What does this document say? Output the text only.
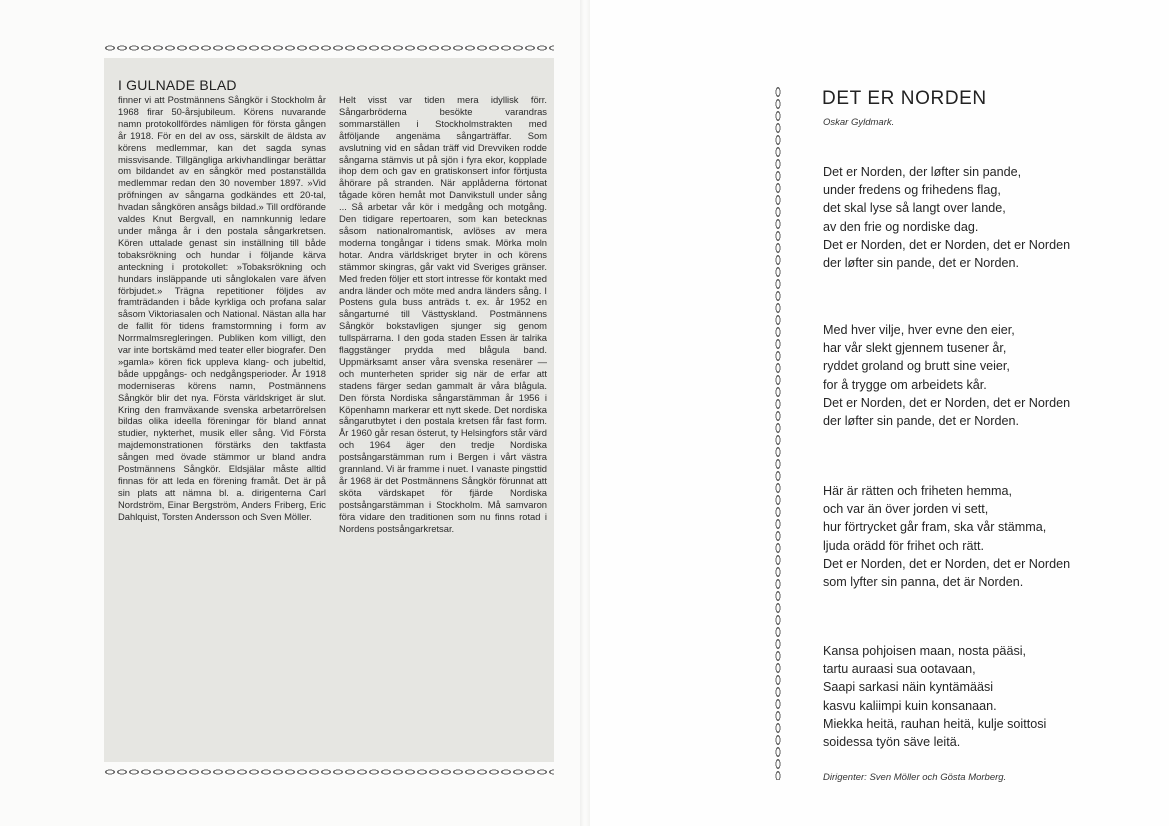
I GULNADE BLAD

finner vi att Postmännens Sångkör i Stockholm år 1968 firar 50-årsjubileum. Körens nuvarande namn protokollfördes nämligen för första gången år 1918. För en del av oss, särskilt de äldsta av körens medlemmar, kan det sagda synas missvisande. Tillgängliga arkivhandlingar berättar om bildandet av en sångkör med postanställda medlemmar redan den 30 november 1897. »Vid pröfningen av sångarna godkändes ett 20-tal, hvadan sångkören ansågs bildad.» Till ordförande valdes Knut Bergvall, en namnkunnig ledare under många år i den postala sångarkretsen. Kören uttalade genast sin inställning till både tobaksrökning och hundar i följande kärva anteckning i protokollet: »Tobaksrökning och hundars insläppande uti sånglokalen vare äfven förbjudet.» Trägna repetitioner följdes av framträdanden i både kyrkliga och profana salar såsom Viktoriasalen och National. Nästan alla har de fallit för tidens framstormning i form av Norrmalmsregleringen. Publiken kom villigt, den var inte bortskämd med teater eller biografer. Den »gamla» kören fick uppleva klang- och jubeltid, både uppgångs- och nedgångsperioder. År 1918 moderniseras körens namn, Postmännens Sångkör blir det nya. Första världskriget är slut. Kring den framväxande svenska arbetarrörelsen bildas olika ideella föreningar för bland annat studier, nykterhet, musik eller sång. Vid Första majdemonstrationen förstärks den taktfasta sången med övade stämmor ur bland andra Postmännens Sångkör. Eldsjälar måste alltid finnas för att leda en förening framåt. Det är på sin plats att nämna bl. a. dirigenterna Carl Nordström, Einar Bergström, Anders Friberg, Eric Dahlquist, Torsten Andersson och Sven Möller.

Helt visst var tiden mera idyllisk förr. Sångarbröderna besökte varandras sommarställen i Stockholmstrakten med åtföljande angenäma sångarträffar. Som avslutning vid en sådan träff vid Drevviken rodde sångarna stämvis ut på sjön i fyra ekor, kopplade ihop dem och gav en gratiskonsert infor förtjusta åhörare på stranden. När applåderna förtonat tågade kören hemåt mot Danvikstull under sång ... Så arbetar vår kör i medgång och motgång. Den tidigare repertoaren, som kan betecknas såsom nationalromantisk, avlöses av mera moderna tongångar i tidens smak. Mörka moln hotar. Andra världskriget bryter in och körens stämmor skingras, går vakt vid Sveriges gränser. Med freden följer ett stort intresse för kontakt med andra länder och möte med andra länders sång. I Postens gula buss anträds t. ex. år 1952 en sångarturné till Västtyskland. Postmännens Sångkör bokstavligen sjunger sig genom tullspärrarna. I den goda staden Essen är talrika flaggstänger prydda med blågula band. Uppmärksamt anser våra svenska resenärer — och munterheten sprider sig när de erfar att stadens färger sedan gammalt är våra blågula. Den första Nordiska sångarstämman år 1956 i Köpenhamn markerar ett nytt skede. Det nordiska sångarutbytet i den postala kretsen får fast form. År 1960 går resan österut, ty Helsingfors står värd och 1964 äger den tredje Nordiska postsångarstämman rum i Bergen i vårt västra grannland. Vi är framme i nuet. I vanaste pingsttid år 1968 är det Postmännens Sångkör förunnat att sköta värdskapet för fjärde Nordiska postsångarstämman i Stockholm. Må samvaron föra vidare den traditionen som nu finns rotad i Nordens postsångarkretsar.

DET ER NORDEN
Oskar Gyldmark.
Det er Norden, der løfter sin pande,
under fredens og frihedens flag,
det skal lyse så langt over lande,
av den frie og nordiske dag.
Det er Norden, det er Norden, det er Norden
der løfter sin pande, det er Norden.
Med hver vilje, hver evne den eier,
har vår slekt gjennem tusener år,
ryddet groland og brutt sine veier,
for å trygge om arbeidets kår.
Det er Norden, det er Norden, det er Norden
der løfter sin pande, det er Norden.
Här är rätten och friheten hemma,
och var än över jorden vi sett,
hur förtrycket går fram, ska vår stämma,
ljuda orädd för frihet och rätt.
Det er Norden, det er Norden, det er Norden
som lyfter sin panna, det är Norden.
Kansa pohjoisen maan, nosta pääsi,
tartu auraasi sua ootavaan,
Saapi sarkasi näin kyntämääsi
kasvu kaliimpi kuin konsanaan.
Miekka heitä, rauhan heitä, kulje soittosi
soidessa työn säve leitä.
Dirigenter: Sven Möller och Gösta Morberg.
